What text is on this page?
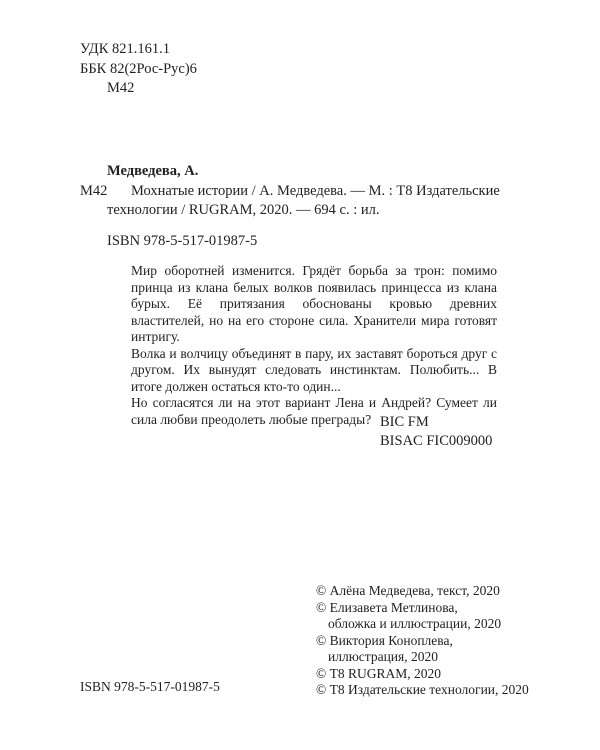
УДК 821.161.1
ББК 82(2Рос-Рус)6
М42
Медведева, А.
М42 Мохнатые истории / А. Медведева. — М. : Т8 Издательские
технологии / RUGRAM, 2020. — 694 с. : ил.
ISBN 978-5-517-01987-5

Мир оборотней изменится. Грядёт борьба за трон: помимо принца из клана белых волков появилась принцесса из клана бурых. Её притязания обоснованы кровью древних властителей, но на его стороне сила. Хранители мира готовят интригу.

Волка и волчицу объединят в пару, их заставят бороться друг с другом. Их вынудят следовать инстинктам. Полюбить... В итоге должен остаться кто-то один...

Но согласятся ли на этот вариант Лена и Андрей? Сумеет ли сила любви преодолеть любые преграды? BIC FM
BISAC FIC009000
© Алёна Медведева, текст, 2020
© Елизавета Метлинова,
обложка и иллюстрации, 2020
© Виктория Коноплева,
иллюстрация, 2020
© Т8 RUGRAM, 2020
© Т8 Издательские технологии, 2020
ISBN 978-5-517-01987-5
